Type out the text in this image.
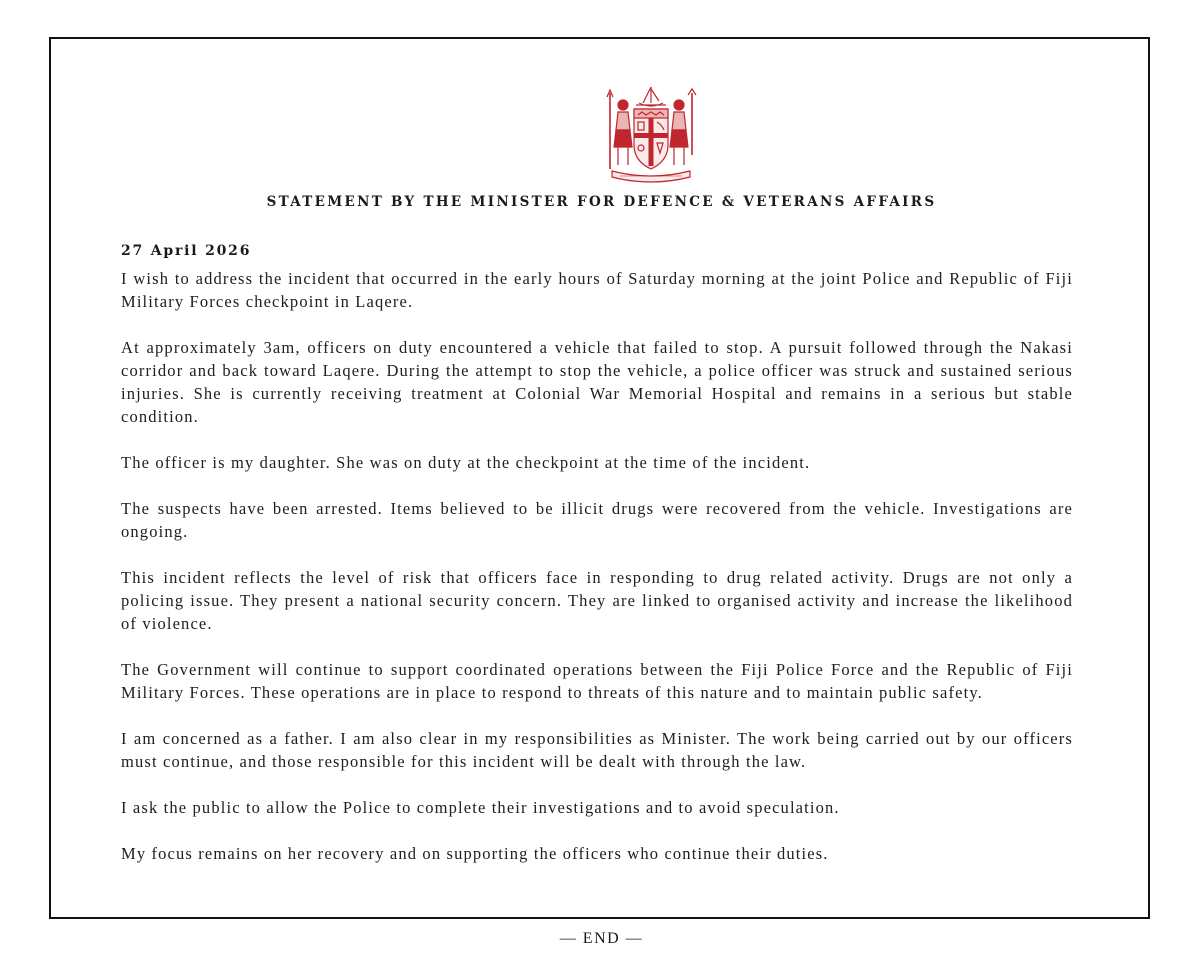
STATEMENT BY THE MINISTER FOR DEFENCE & VETERANS AFFAIRS
27 April 2026

I wish to address the incident that occurred in the early hours of Saturday morning at the joint Police and Republic of Fiji Military Forces checkpoint in Laqere.

At approximately 3am, officers on duty encountered a vehicle that failed to stop. A pursuit followed through the Nakasi corridor and back toward Laqere. During the attempt to stop the vehicle, a police officer was struck and sustained serious injuries. She is currently receiving treatment at Colonial War Memorial Hospital and remains in a serious but stable condition.

The officer is my daughter. She was on duty at the checkpoint at the time of the incident.

The suspects have been arrested. Items believed to be illicit drugs were recovered from the vehicle. Investigations are ongoing.

This incident reflects the level of risk that officers face in responding to drug related activity. Drugs are not only a policing issue. They present a national security concern. They are linked to organised activity and increase the likelihood of violence.

The Government will continue to support coordinated operations between the Fiji Police Force and the Republic of Fiji Military Forces. These operations are in place to respond to threats of this nature and to maintain public safety.

I am concerned as a father. I am also clear in my responsibilities as Minister. The work being carried out by our officers must continue, and those responsible for this incident will be dealt with through the law.

I ask the public to allow the Police to complete their investigations and to avoid speculation.

My focus remains on her recovery and on supporting the officers who continue their duties.

— END —
